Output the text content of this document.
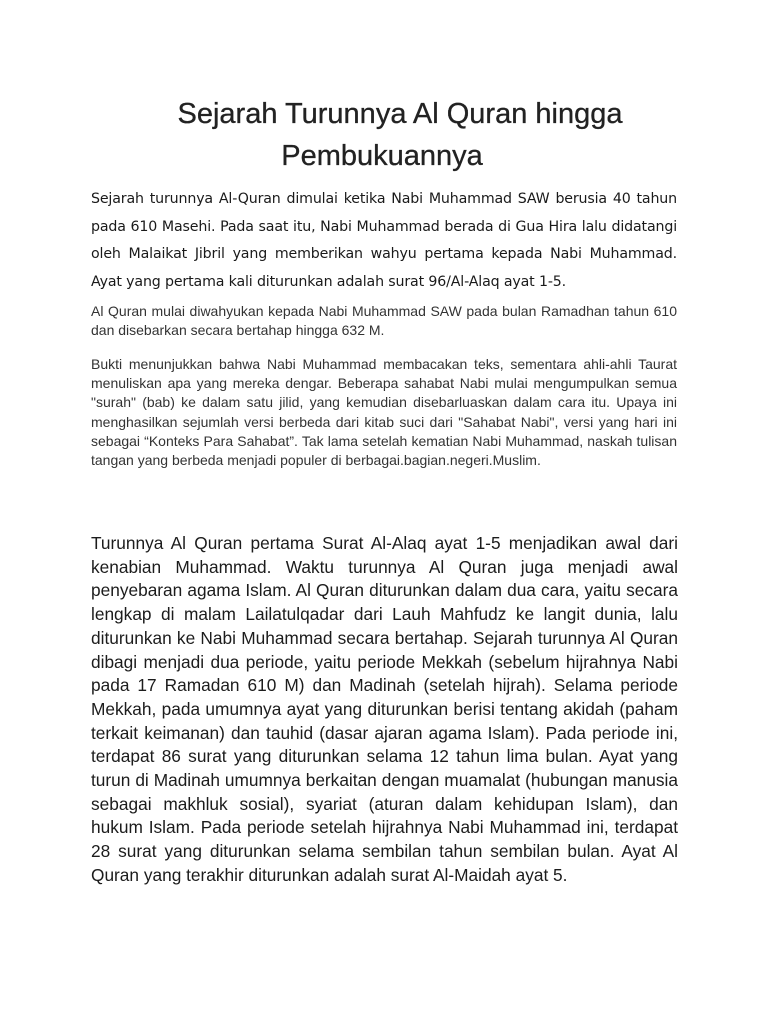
Sejarah Turunnya Al Quran hingga
Pembukuannya

Sejarah turunnya Al-Quran dimulai ketika Nabi Muhammad SAW berusia 40 tahun pada 610 Masehi. Pada saat itu, Nabi Muhammad berada di Gua Hira lalu didatangi oleh Malaikat Jibril yang memberikan wahyu pertama kepada Nabi Muhammad. Ayat yang pertama kali diturunkan adalah surat 96/Al-Alaq ayat 1-5.

Al Quran mulai diwahyukan kepada Nabi Muhammad SAW pada bulan Ramadhan tahun 610 dan disebarkan secara bertahap hingga 632 M.

Bukti menunjukkan bahwa Nabi Muhammad membacakan teks, sementara ahli-ahli Taurat menuliskan apa yang mereka dengar. Beberapa sahabat Nabi mulai mengumpulkan semua "surah" (bab) ke dalam satu jilid, yang kemudian disebarluaskan dalam cara itu. Upaya ini menghasilkan sejumlah versi berbeda dari kitab suci dari "Sahabat Nabi", versi yang hari ini sebagai “Konteks Para Sahabat”. Tak lama setelah kematian Nabi Muhammad, naskah tulisan tangan yang berbeda menjadi populer di berbagai.bagian.negeri.Muslim.

Turunnya Al Quran pertama Surat Al-Alaq ayat 1-5 menjadikan awal dari kenabian Muhammad. Waktu turunnya Al Quran juga menjadi awal penyebaran agama Islam. Al Quran diturunkan dalam dua cara, yaitu secara lengkap di malam Lailatulqadar dari Lauh Mahfudz ke langit dunia, lalu diturunkan ke Nabi Muhammad secara bertahap. Sejarah turunnya Al Quran dibagi menjadi dua periode, yaitu periode Mekkah (sebelum hijrahnya Nabi pada 17 Ramadan 610 M) dan Madinah (setelah hijrah). Selama periode Mekkah, pada umumnya ayat yang diturunkan berisi tentang akidah (paham terkait keimanan) dan tauhid (dasar ajaran agama Islam). Pada periode ini, terdapat 86 surat yang diturunkan selama 12 tahun lima bulan. Ayat yang turun di Madinah umumnya berkaitan dengan muamalat (hubungan manusia sebagai makhluk sosial), syariat (aturan dalam kehidupan Islam), dan hukum Islam. Pada periode setelah hijrahnya Nabi Muhammad ini, terdapat 28 surat yang diturunkan selama sembilan tahun sembilan bulan. Ayat Al Quran yang terakhir diturunkan adalah surat Al-Maidah ayat 5.
